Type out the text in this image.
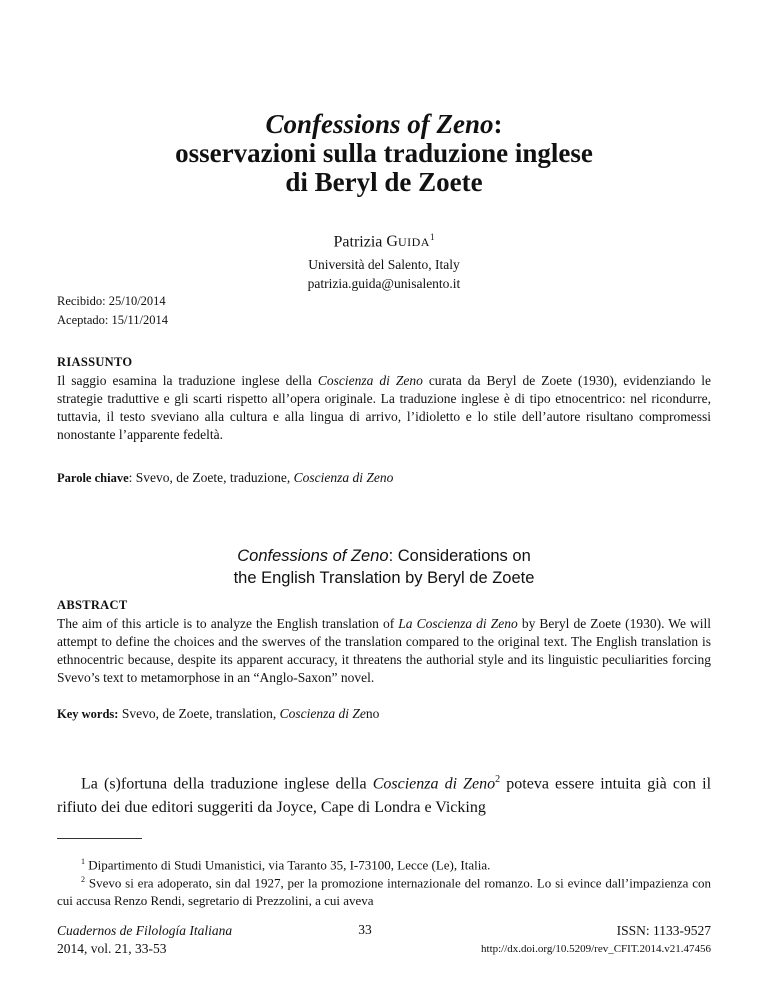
Confessions of Zeno:
osservazioni sulla traduzione inglese
di Beryl de Zoete
Patrizia GUIDA$^1$
Università del Salento, Italy
patrizia.guida@unisalento.it
Recibido: 25/10/2014
Aceptado: 15/11/2014
RIASSUNTO
Il saggio esamina la traduzione inglese della Coscienza di Zeno curata da Beryl de Zoete (1930), evidenziando le strategie traduttive e gli scarti rispetto all’opera originale. La traduzione inglese è di tipo etnocentrico: nel ricondurre, tuttavia, il testo sveviano alla cultura e alla lingua di arrivo, l’idioletto e lo stile dell’autore risultano compromessi nonostante l’apparente fedeltà.
Parole chiave: Svevo, de Zoete, traduzione, Coscienza di Zeno
Confessions of Zeno: Considerations on
the English Translation by Beryl de Zoete
ABSTRACT
The aim of this article is to analyze the English translation of La Coscienza di Zeno by Beryl de Zoete (1930). We will attempt to define the choices and the swerves of the translation compared to the original text. The English translation is ethnocentric because, despite its apparent accuracy, it threatens the authorial style and its linguistic peculiarities forcing Svevo’s text to metamorphose in an “Anglo-Saxon” novel.
Key words: Svevo, de Zoete, translation, Coscienza di Zeno
La (s)fortuna della traduzione inglese della Coscienza di Zeno$^2$ poteva essere intuita già con il rifiuto dei due editori suggeriti da Joyce, Cape di Londra e Vicking
$^1$ Dipartimento di Studi Umanistici, via Taranto 35, I-73100, Lecce (Le), Italia.
$^2$ Svevo si era adoperato, sin dal 1927, per la promozione internazionale del romanzo. Lo si evince dall’impazienza con cui accusa Renzo Rendi, segretario di Prezzolini, a cui aveva
Cuadernos de Filología Italiana
2014, vol. 21, 33-53
33	ISSN: 1133-9527
http://dx.doi.org/10.5209/rev_CFIT.2014.v21.47456
